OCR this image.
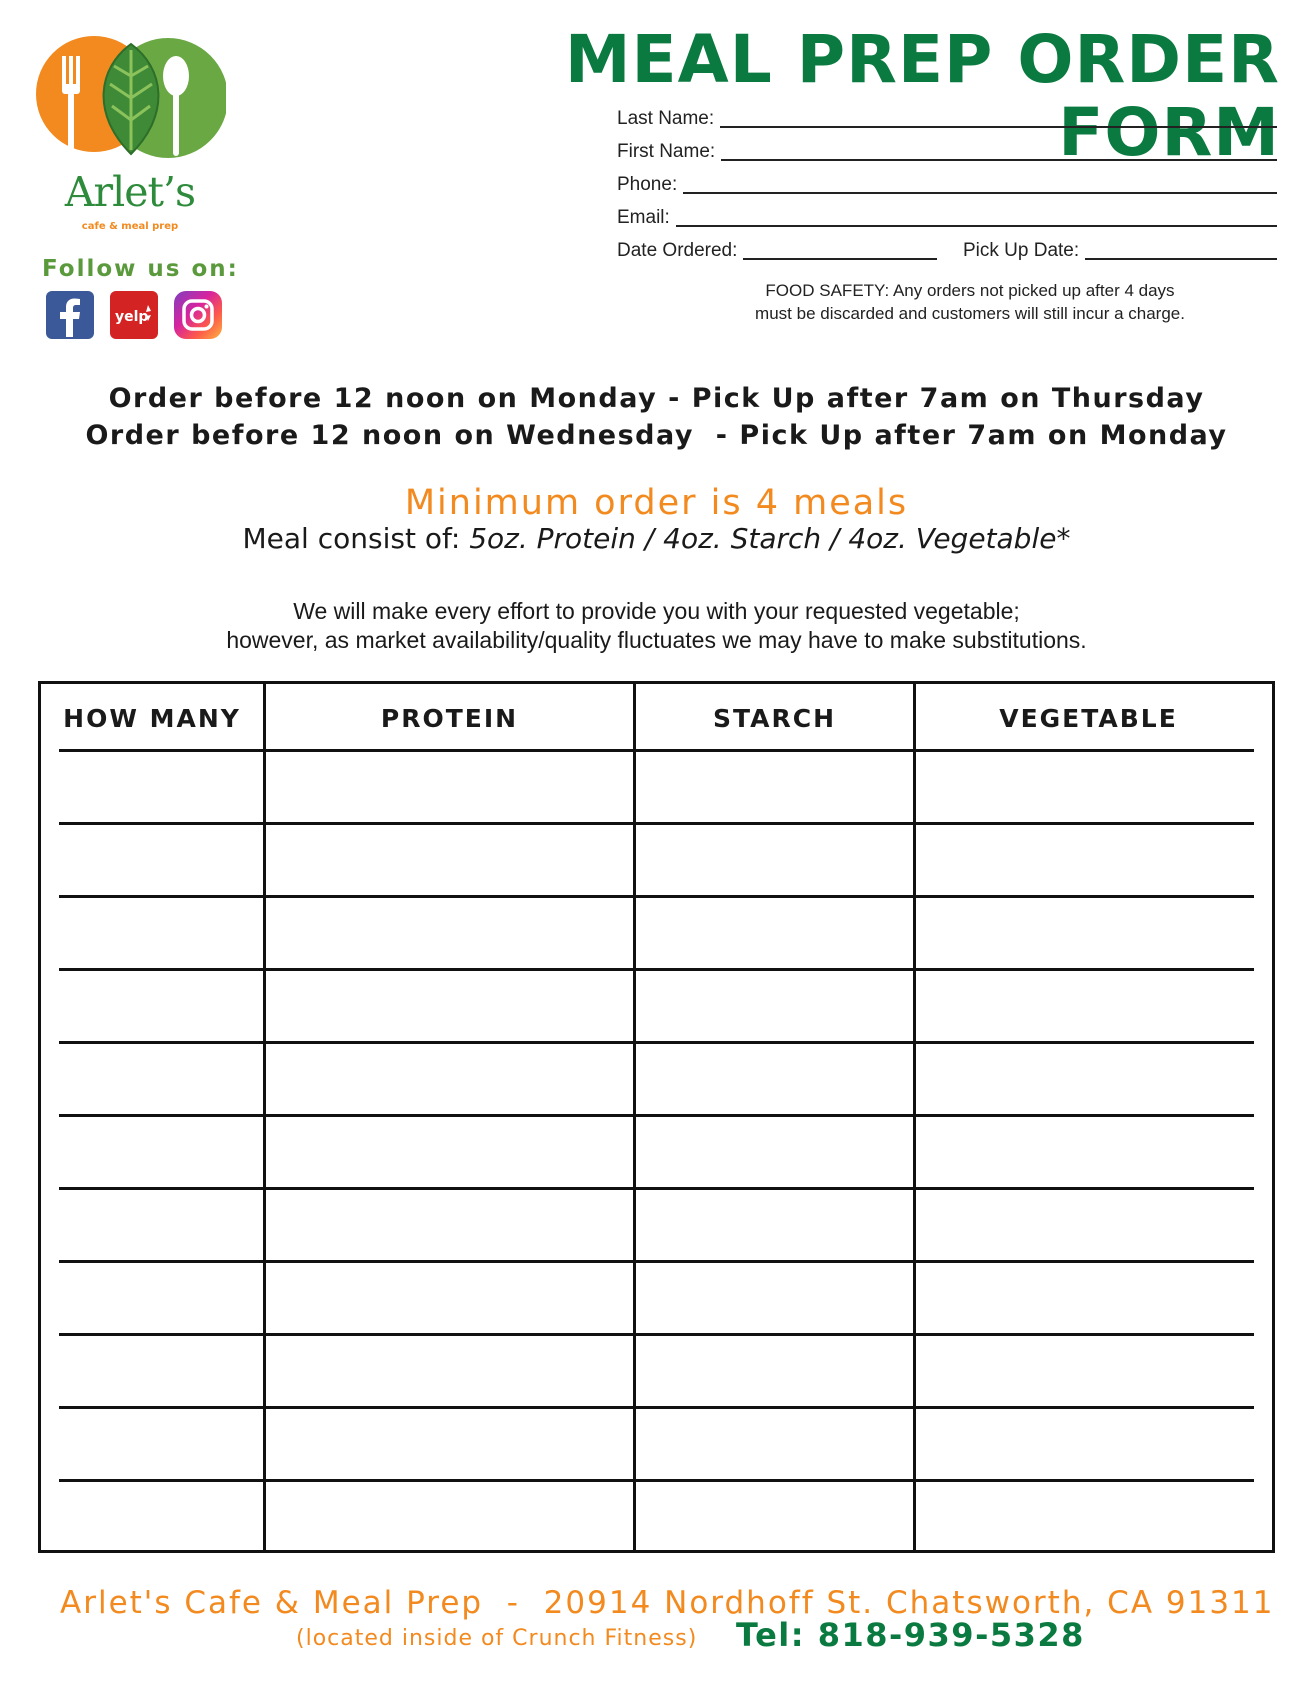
Arlet’s
cafe & meal prep
Follow us on:
yelp
MEAL PREP ORDER FORM
Last Name:
First Name:
Phone:
Email:
Date Ordered:	Pick Up Date:
FOOD SAFETY: Any orders not picked up after 4 days
must be discarded and customers will still incur a charge.
Order before 12 noon on Monday - Pick Up after 7am on Thursday
Order before 12 noon on Wednesday  - Pick Up after 7am on Monday
Minimum order is 4 meals
Meal consist of: 5oz. Protein / 4oz. Starch / 4oz. Vegetable*
We will make every effort to provide you with your requested vegetable;
however, as market availability/quality fluctuates we may have to make substitutions.
HOW MANY	PROTEIN	STARCH	VEGETABLE
Arlet's Cafe & Meal Prep  -  20914 Nordhoff St. Chatsworth, CA 91311
(located inside of Crunch Fitness) Tel: 818-939-5328
